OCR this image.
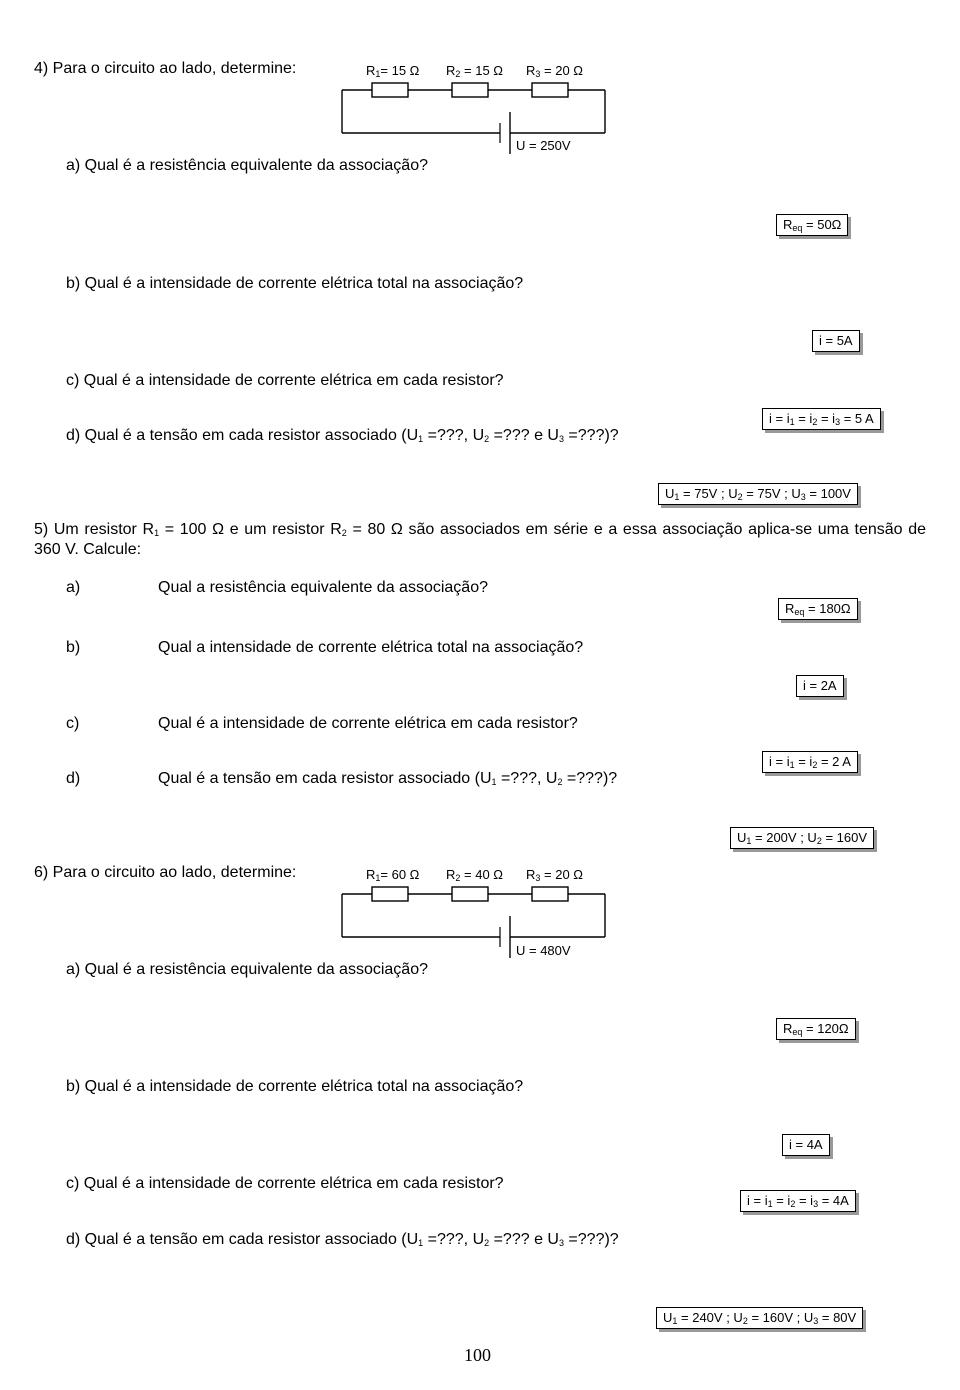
4) Para o circuito ao lado, determine:	$R_1= 15$ Ω $R_2 = 15$ Ω $R_3 = 20$ Ω
U = 250V
a) Qual é a resistência equivalente da associação?
$R_{eq} = 50\Omega$
b) Qual é a intensidade de corrente elétrica total na associação?
i = 5A
c) Qual é a intensidade de corrente elétrica em cada resistor?
$i = i_1 = i_2 = i_3 = 5$ A
d) Qual é a tensão em cada resistor associado ($U_1$ =???, $U_2$ =??? e $U_3$ =???)?
$U_1 = 75V$ ; $U_2 = 75V$ ; $U_3 = 100V$
5) Um resistor $R_1 = 100$ Ω e um resistor $R_2 = 80$ Ω são associados em série e a essa associação aplica-se uma tensão de 360 V. Calcule:
a)	Qual a resistência equivalente da associação?
$R_{eq} = 180\Omega$
b)	Qual a intensidade de corrente elétrica total na associação?
i = 2A
c)	Qual é a intensidade de corrente elétrica em cada resistor?
$i = i_1 = i_2 = 2$ A
d)	Qual é a tensão em cada resistor associado ($U_1$ =???, $U_2$ =???)?
$U_1 = 200V$ ; $U_2 = 160V$
6) Para o circuito ao lado, determine:	$R_1= 60$ Ω $R_2 = 40$ Ω $R_3 = 20$ Ω
U = 480V
a) Qual é a resistência equivalente da associação?
$R_{eq} = 120\Omega$
b) Qual é a intensidade de corrente elétrica total na associação?
i = 4A
c) Qual é a intensidade de corrente elétrica em cada resistor?
$i = i_1 = i_2 = i_3 = 4A$
d) Qual é a tensão em cada resistor associado ($U_1$ =???, $U_2$ =??? e $U_3$ =???)?
$U_1 = 240V$ ; $U_2 = 160V$ ; $U_3 = 80V$
100
